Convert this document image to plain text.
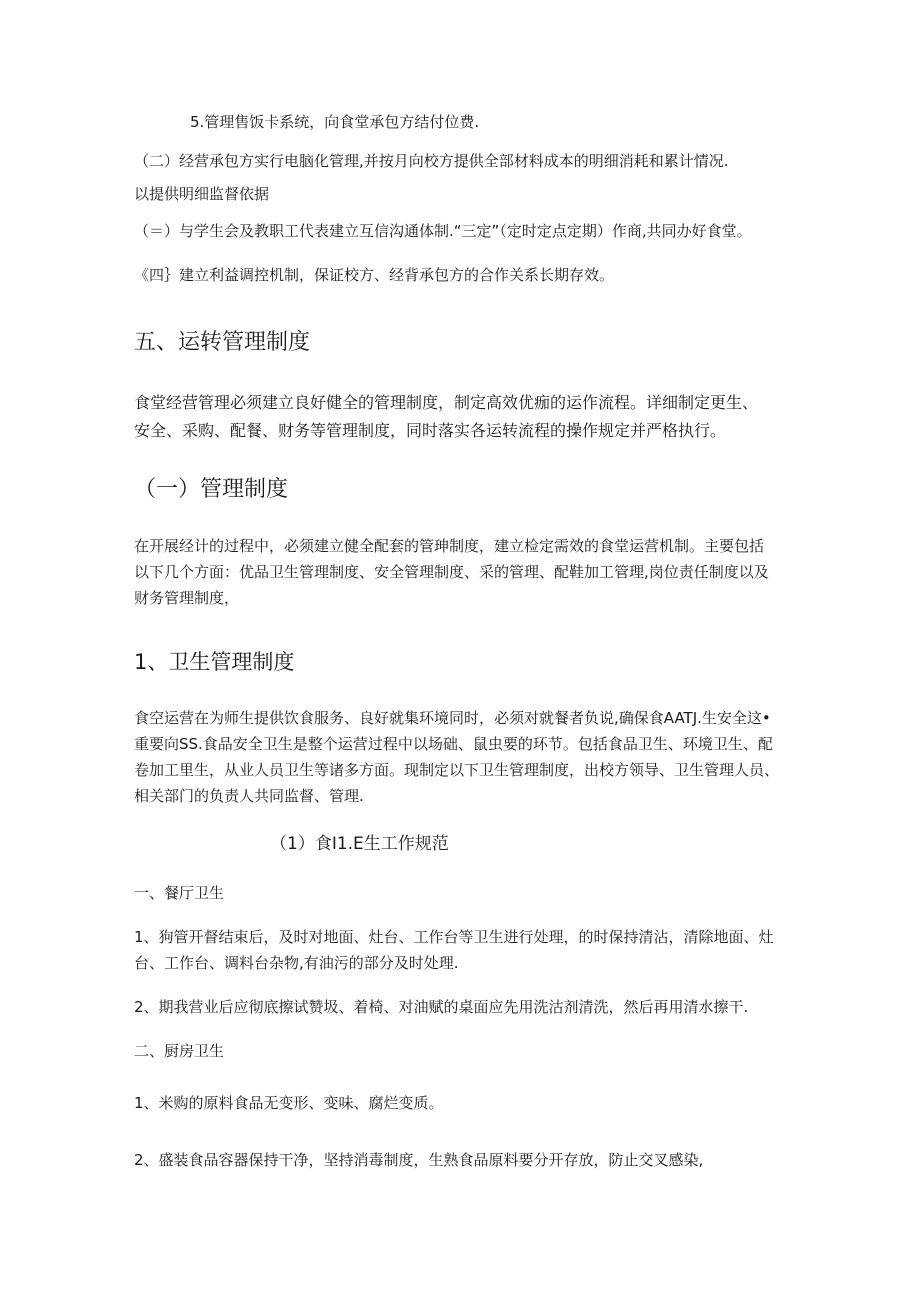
5.管理售饭卡系统，向食堂承包方结付位费.
（二）经营承包方实行电脑化管理,并按月向校方提供全部材料成本的明细消耗和累计情况.
以提供明细监督依据
（＝）与学生会及教职工代表建立互信沟通体制.“三定”（定时定点定期）作商,共同办好食堂。
《四｝建立利益调控机制，保证校方、经背承包方的合作关系长期存效。
五、运转管理制度
食堂经营管理必须建立良好健全的管理制度，制定高效优痂的运作流程。详细制定更生、
安全、采购、配餐、财务等管理制度，同时落实各运转流程的操作规定并严格执行。
（一）管理制度
在开展经计的过程中，必须建立健全配套的管珅制度，建立检定需效的食堂运营机制。主要包括
以下几个方面：优品卫生管理制度、安全管理制度、采的管理、配鞋加工管理,岗位责任制度以及
财务管理制度，
1、卫生管理制度
食空运营在为师生提供饮食服务、良好就集环境同时，必须对就餐者负说,确保食AATJ.生安全这•
重要向SS.食品安全卫生是整个运营过程中以场础、鼠虫要的环节。包括食品卫生、环境卫生、配
卷加工里生，从业人员卫生等诸多方面。现制定以下卫生管理制度，出校方领导、卫生管理人员、
相关部门的负责人共同监督、管理.
（1）食I1.E生工作规范
一、餐厅卫生
1、狗管开督结束后，及时对地面、灶台、工作台等卫生进行处理，的时保持清沾，清除地面、灶
台、工作台、调料台杂物,有油污的部分及时处理.
2、期我营业后应彻底擦试赞圾、着椅、对油赋的桌面应先用洗沽剂清洗，然后再用清水擦干.
二、厨房卫生
1、米购的原料食品无变形、变味、腐烂变质。
2、盛装食品容器保持干净，坚持消毒制度，生熟食品原料要分开存放，防止交叉感染,
